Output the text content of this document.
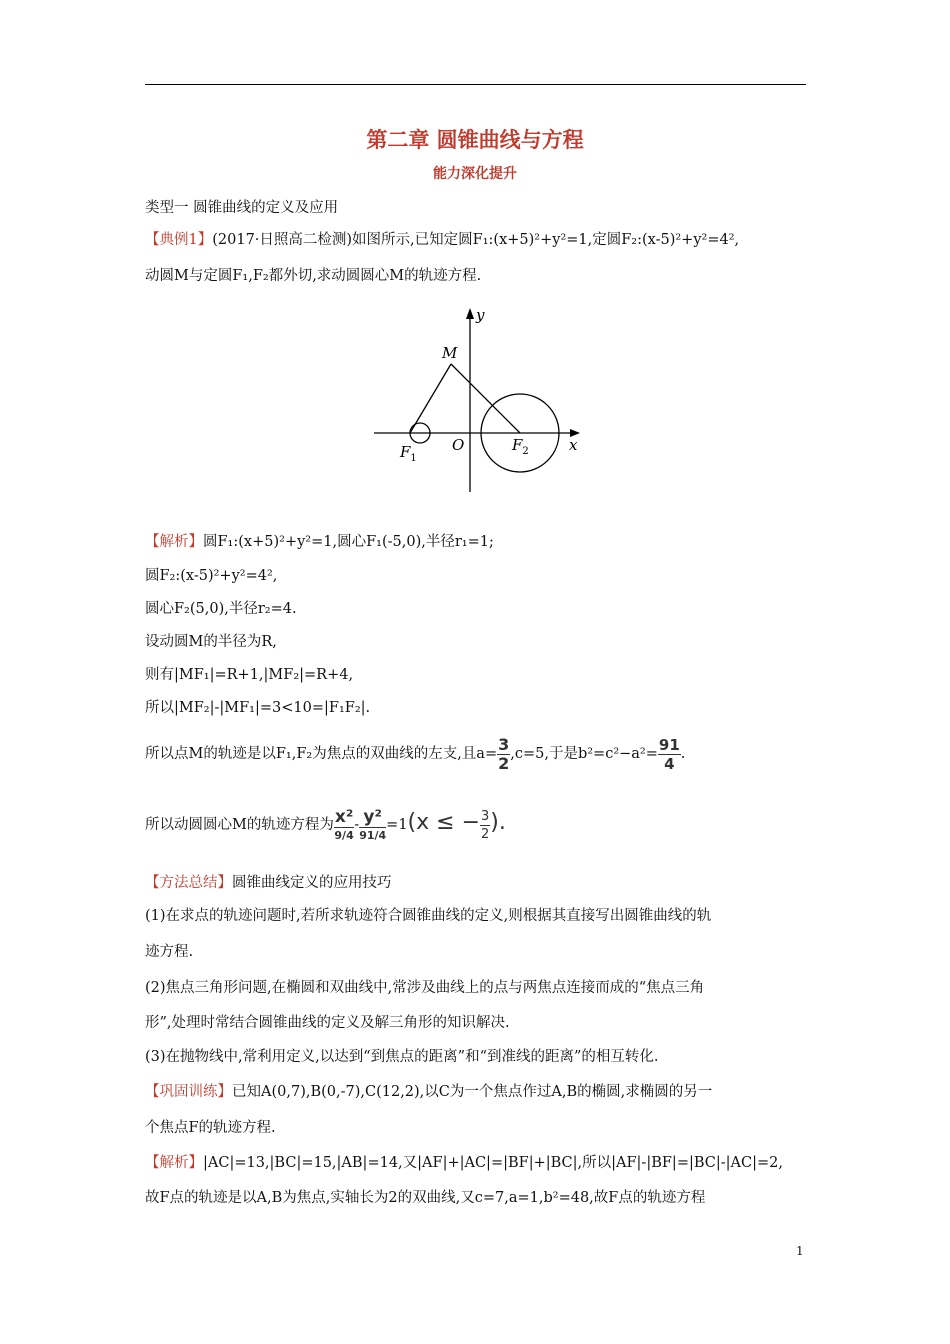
第二章 圆锥曲线与方程
能力深化提升
类型一 圆锥曲线的定义及应用
【典例1】(2017·日照高二检测)如图所示,已知定圆F₁:(x+5)²+y²=1,定圆F₂:(x-5)²+y²=4²,
动圆M与定圆F₁,F₂都外切,求动圆圆心M的轨迹方程.
y
x
M
O
$F_1$
$F_2$
【解析】圆F₁:(x+5)²+y²=1,圆心F₁(-5,0),半径r₁=1;
圆F₂:(x-5)²+y²=4²,
圆心F₂(5,0),半径r₂=4.
设动圆M的半径为R,
则有|MF₁|=R+1,|MF₂|=R+4,
所以|MF₂|-|MF₁|=3<10=|F₁F₂|.
所以点M的轨迹是以F₁,F₂为焦点的双曲线的左支,且$a= \frac{3}{2} ,c=5$,于是$b^2=c^2-a^2= \frac{91}{4}$ .
所以动圆圆心M的轨迹方程为 $\frac{\text{x²}}{9/4} - \frac{\text{y²}}{91/4} =1(x$ ≤ − $\frac{3}{2}$ ).
【方法总结】圆锥曲线定义的应用技巧
(1)在求点的轨迹问题时,若所求轨迹符合圆锥曲线的定义,则根据其直接写出圆锥曲线的轨
迹方程.
(2)焦点三角形问题,在椭圆和双曲线中,常涉及曲线上的点与两焦点连接而成的“焦点三角
形”,处理时常结合圆锥曲线的定义及解三角形的知识解决.
(3)在抛物线中,常利用定义,以达到“到焦点的距离”和“到准线的距离”的相互转化.
【巩固训练】已知A(0,7),B(0,-7),C(12,2),以C为一个焦点作过A,B的椭圆,求椭圆的另一
个焦点F的轨迹方程.
【解析】|AC|=13,|BC|=15,|AB|=14,又|AF|+|AC|=|BF|+|BC|,所以|AF|-|BF|=|BC|-|AC|=2,
故F点的轨迹是以A,B为焦点,实轴长为2的双曲线,又c=7,a=1,b²=48,故F点的轨迹方程
1
